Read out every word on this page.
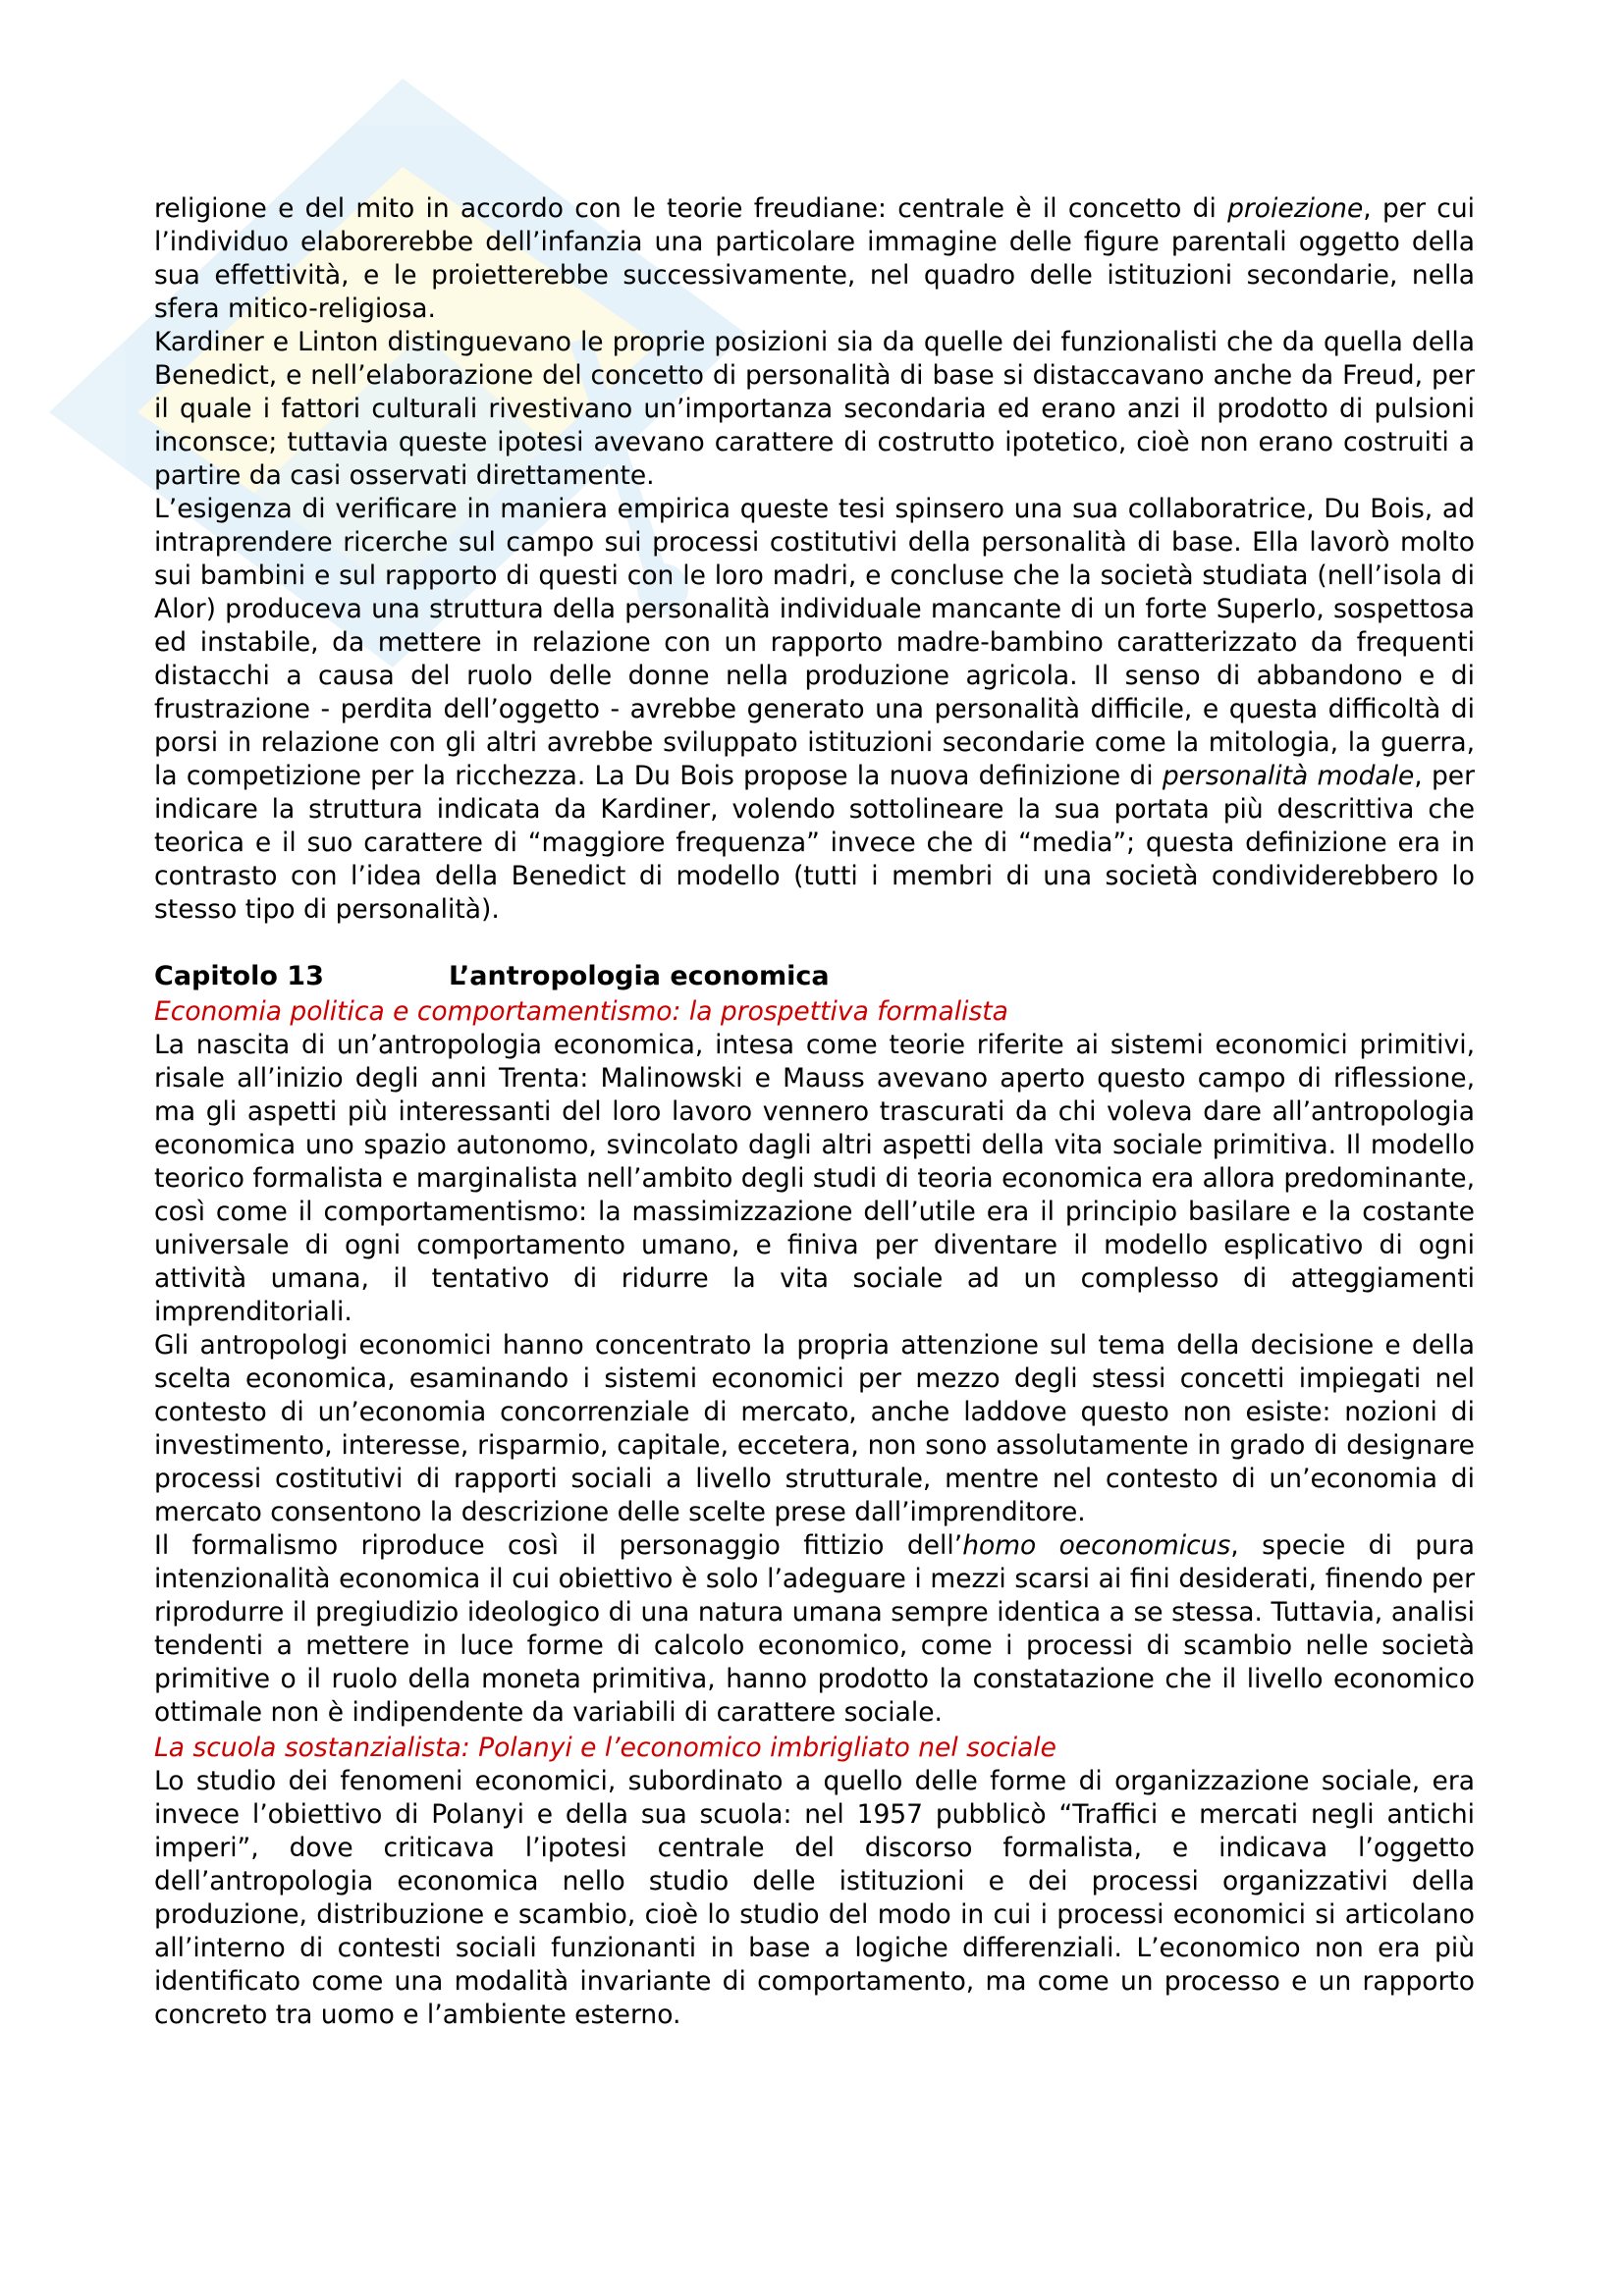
religione e del mito in accordo con le teorie freudiane: centrale è il concetto di proiezione, per cui l’individuo elaborerebbe dell’infanzia una particolare immagine delle figure parentali oggetto della sua effettività, e le proietterebbe successivamente, nel quadro delle istituzioni secondarie, nella sfera mitico-religiosa.

Kardiner e Linton distinguevano le proprie posizioni sia da quelle dei funzionalisti che da quella della Benedict, e nell’elaborazione del concetto di personalità di base si distaccavano anche da Freud, per il quale i fattori culturali rivestivano un’importanza secondaria ed erano anzi il prodotto di pulsioni inconsce; tuttavia queste ipotesi avevano carattere di costrutto ipotetico, cioè non erano costruiti a partire da casi osservati direttamente.

L’esigenza di verificare in maniera empirica queste tesi spinsero una sua collaboratrice, Du Bois, ad intraprendere ricerche sul campo sui processi costitutivi della personalità di base. Ella lavorò molto sui bambini e sul rapporto di questi con le loro madri, e concluse che la società studiata (nell’isola di Alor) produceva una struttura della personalità individuale mancante di un forte SuperIo, sospettosa ed instabile, da mettere in relazione con un rapporto madre-bambino caratterizzato da frequenti distacchi a causa del ruolo delle donne nella produzione agricola. Il senso di abbandono e di frustrazione - perdita dell’oggetto - avrebbe generato una personalità difficile, e questa difficoltà di porsi in relazione con gli altri avrebbe sviluppato istituzioni secondarie come la mitologia, la guerra, la competizione per la ricchezza. La Du Bois propose la nuova definizione di personalità modale, per indicare la struttura indicata da Kardiner, volendo sottolineare la sua portata più descrittiva che teorica e il suo carattere di “maggiore frequenza” invece che di “media”; questa definizione era in contrasto con l’idea della Benedict di modello (tutti i membri di una società condividerebbero lo stesso tipo di personalità).

Capitolo 13	L’antropologia economica

Economia politica e comportamentismo: la prospettiva formalista

La nascita di un’antropologia economica, intesa come teorie riferite ai sistemi economici primitivi, risale all’inizio degli anni Trenta: Malinowski e Mauss avevano aperto questo campo di riflessione, ma gli aspetti più interessanti del loro lavoro vennero trascurati da chi voleva dare all’antropologia economica uno spazio autonomo, svincolato dagli altri aspetti della vita sociale primitiva. Il modello teorico formalista e marginalista nell’ambito degli studi di teoria economica era allora predominante, così come il comportamentismo: la massimizzazione dell’utile era il principio basilare e la costante universale di ogni comportamento umano, e finiva per diventare il modello esplicativo di ogni attività umana, il tentativo di ridurre la vita sociale ad un complesso di atteggiamenti imprenditoriali.

Gli antropologi economici hanno concentrato la propria attenzione sul tema della decisione e della scelta economica, esaminando i sistemi economici per mezzo degli stessi concetti impiegati nel contesto di un’economia concorrenziale di mercato, anche laddove questo non esiste: nozioni di investimento, interesse, risparmio, capitale, eccetera, non sono assolutamente in grado di designare processi costitutivi di rapporti sociali a livello strutturale, mentre nel contesto di un’economia di mercato consentono la descrizione delle scelte prese dall’imprenditore.

Il formalismo riproduce così il personaggio fittizio dell’homo oeconomicus, specie di pura intenzionalità economica il cui obiettivo è solo l’adeguare i mezzi scarsi ai fini desiderati, finendo per riprodurre il pregiudizio ideologico di una natura umana sempre identica a se stessa. Tuttavia, analisi tendenti a mettere in luce forme di calcolo economico, come i processi di scambio nelle società primitive o il ruolo della moneta primitiva, hanno prodotto la constatazione che il livello economico ottimale non è indipendente da variabili di carattere sociale.

La scuola sostanzialista: Polanyi e l’economico imbrigliato nel sociale

Lo studio dei fenomeni economici, subordinato a quello delle forme di organizzazione sociale, era invece l’obiettivo di Polanyi e della sua scuola: nel 1957 pubblicò “Traffici e mercati negli antichi imperi”, dove criticava l’ipotesi centrale del discorso formalista, e indicava l’oggetto dell’antropologia economica nello studio delle istituzioni e dei processi organizzativi della produzione, distribuzione e scambio, cioè lo studio del modo in cui i processi economici si articolano all’interno di contesti sociali funzionanti in base a logiche differenziali. L’economico non era più identificato come una modalità invariante di comportamento, ma come un processo e un rapporto concreto tra uomo e l’ambiente esterno.
